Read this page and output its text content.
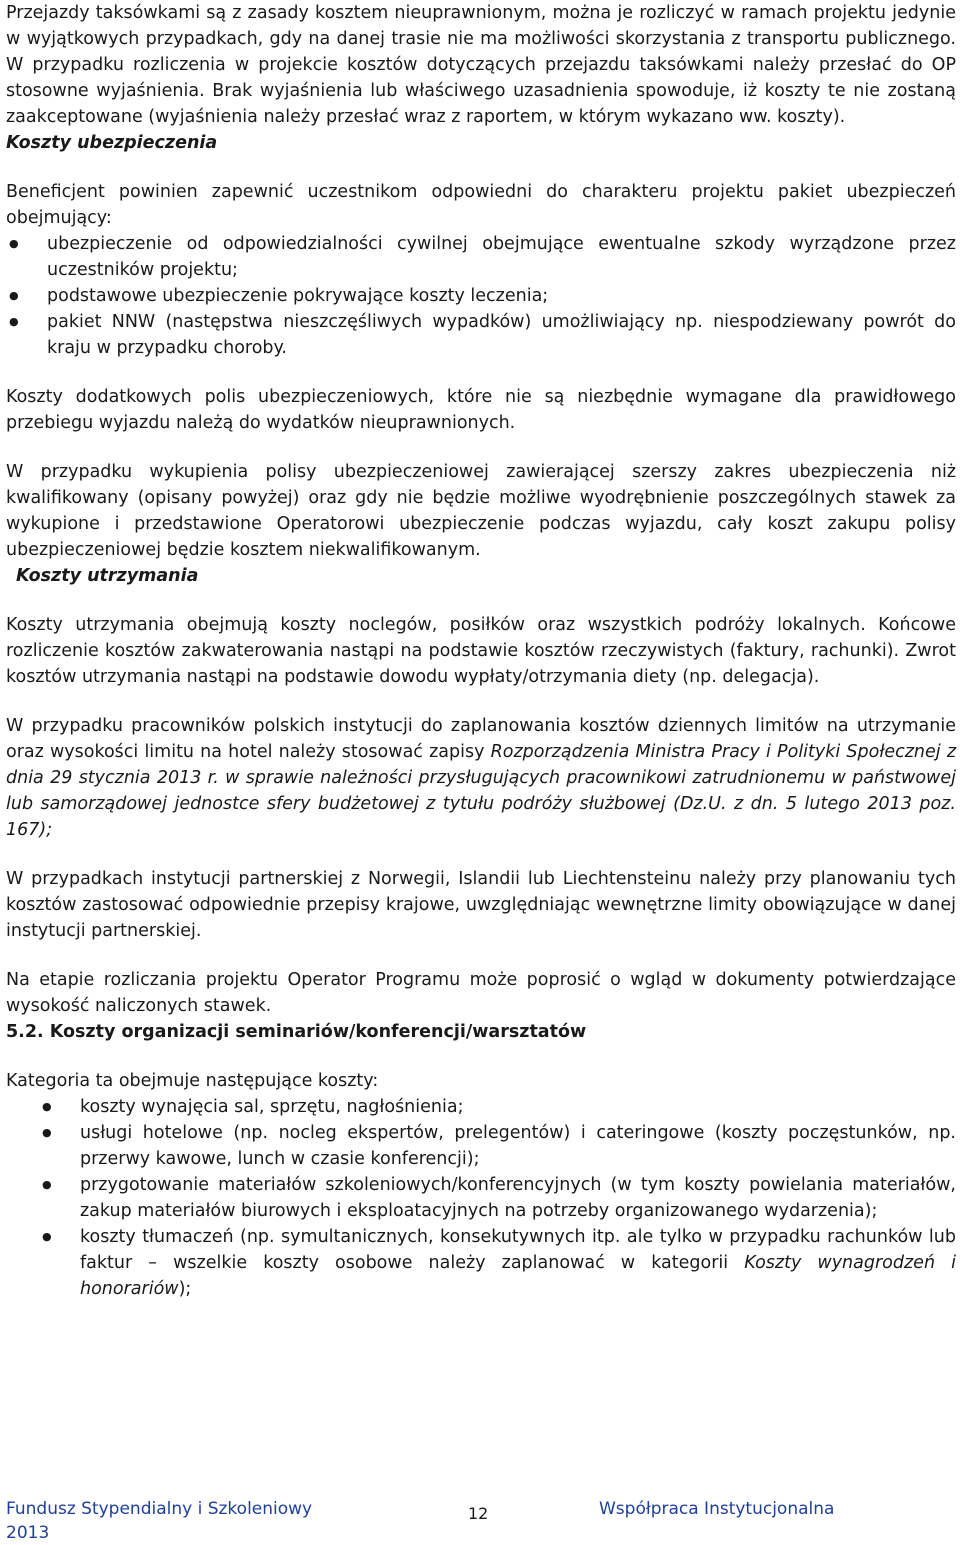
Przejazdy taksówkami są z zasady kosztem nieuprawnionym, można je rozliczyć w ramach projektu jedynie w wyjątkowych przypadkach, gdy na danej trasie nie ma możliwości skorzystania z transportu publicznego. W przypadku rozliczenia w projekcie kosztów dotyczących przejazdu taksówkami należy przesłać do OP stosowne wyjaśnienia. Brak wyjaśnienia lub właściwego uzasadnienia spowoduje, iż koszty te nie zostaną zaakceptowane (wyjaśnienia należy przesłać wraz z raportem, w którym wykazano ww. koszty).

Koszty ubezpieczenia

Beneficjent powinien zapewnić uczestnikom odpowiedni do charakteru projektu pakiet ubezpieczeń obejmujący:

● ubezpieczenie od odpowiedzialności cywilnej obejmujące ewentualne szkody wyrządzone przez uczestników projektu;
● podstawowe ubezpieczenie pokrywające koszty leczenia;
● pakiet NNW (następstwa nieszczęśliwych wypadków) umożliwiający np. niespodziewany powrót do kraju w przypadku choroby.

Koszty dodatkowych polis ubezpieczeniowych, które nie są niezbędnie wymagane dla prawidłowego przebiegu wyjazdu należą do wydatków nieuprawnionych.

W przypadku wykupienia polisy ubezpieczeniowej zawierającej szerszy zakres ubezpieczenia niż kwalifikowany (opisany powyżej) oraz gdy nie będzie możliwe wyodrębnienie poszczególnych stawek za wykupione i przedstawione Operatorowi ubezpieczenie podczas wyjazdu, cały koszt zakupu polisy ubezpieczeniowej będzie kosztem niekwalifikowanym.

Koszty utrzymania

Koszty utrzymania obejmują koszty noclegów, posiłków oraz wszystkich podróży lokalnych. Końcowe rozliczenie kosztów zakwaterowania nastąpi na podstawie kosztów rzeczywistych (faktury, rachunki). Zwrot kosztów utrzymania nastąpi na podstawie dowodu wypłaty/otrzymania diety (np. delegacja).

W przypadku pracowników polskich instytucji do zaplanowania kosztów dziennych limitów na utrzymanie oraz wysokości limitu na hotel należy stosować zapisy Rozporządzenia Ministra Pracy i Polityki Społecznej z dnia 29 stycznia 2013 r. w sprawie należności przysługujących pracownikowi zatrudnionemu w państwowej lub samorządowej jednostce sfery budżetowej z tytułu podróży służbowej (Dz.U. z dn. 5 lutego 2013 poz. 167);

W przypadkach instytucji partnerskiej z Norwegii, Islandii lub Liechtensteinu należy przy planowaniu tych kosztów zastosować odpowiednie przepisy krajowe, uwzględniając wewnętrzne limity obowiązujące w danej instytucji partnerskiej.

Na etapie rozliczania projektu Operator Programu może poprosić o wgląd w dokumenty potwierdzające wysokość naliczonych stawek.

5.2. Koszty organizacji seminariów/konferencji/warsztatów

Kategoria ta obejmuje następujące koszty:

● koszty wynajęcia sal, sprzętu, nagłośnienia;
● usługi hotelowe (np. nocleg ekspertów, prelegentów) i cateringowe (koszty poczęstunków, np. przerwy kawowe, lunch w czasie konferencji);
● przygotowanie materiałów szkoleniowych/konferencyjnych (w tym koszty powielania materiałów, zakup materiałów biurowych i eksploatacyjnych na potrzeby organizowanego wydarzenia);
● koszty tłumaczeń (np. symultanicznych, konsekutywnych itp. ale tylko w przypadku rachunków lub faktur – wszelkie koszty osobowe należy zaplanować w kategorii Koszty wynagrodzeń i honorariów);
Fundusz Stypendialny i Szkoleniowy
2013
12	Współpraca Instytucjonalna
